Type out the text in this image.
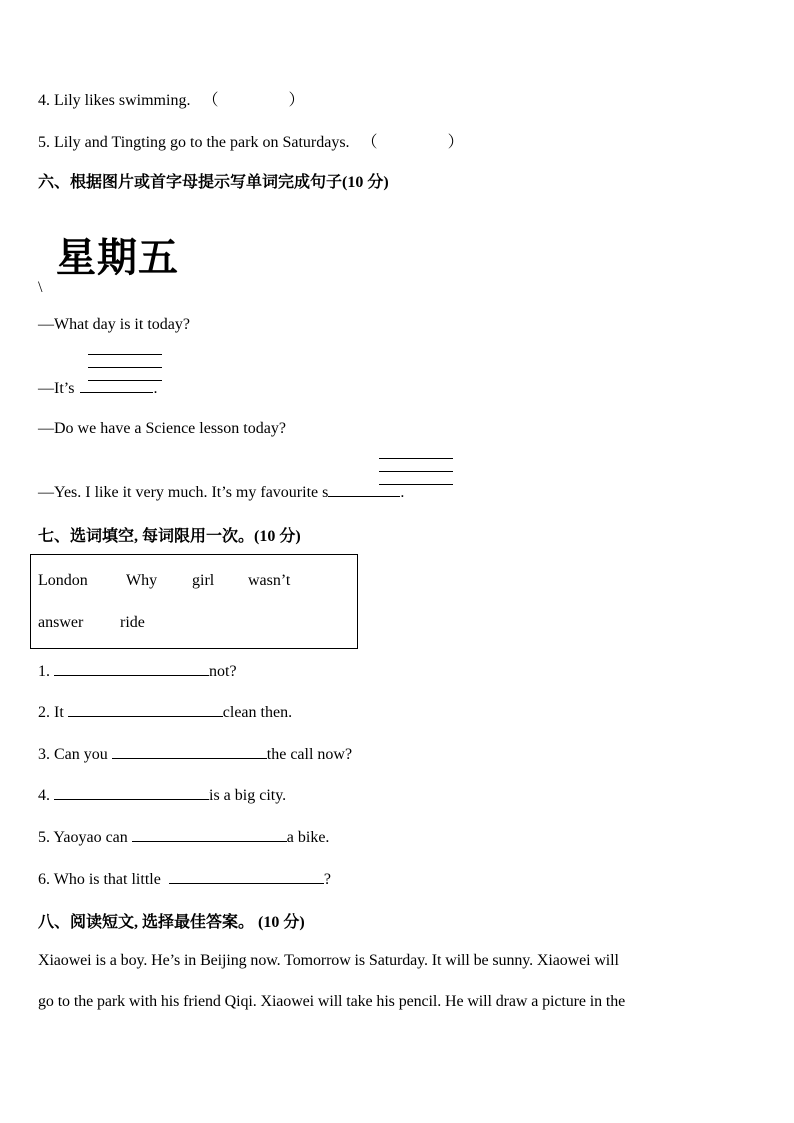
4. Lily likes swimming. （	）
5. Lily and Tingting go to the park on Saturdays. （	）
六、根据图片或首字母提示写单词完成句子(10 分)
星期五
\
—What day is it today?
—It’s	.
—Do we have a Science lesson today?
—Yes. I like it very much. It’s my favourite s	.
七、选词填空, 每词限用一次。(10 分)
London Why girl wasn’t
answer ride
1.	not?
2. It	clean then.
3. Can you	the call now?
4.	is a big city.
5. Yaoyao can	a bike.
6. Who is that little	?
八、阅读短文, 选择最佳答案。 (10 分)
Xiaowei is a boy. He’s in Beijing now. Tomorrow is Saturday. It will be sunny. Xiaowei will
go to the park with his friend Qiqi. Xiaowei will take his pencil. He will draw a picture in the
